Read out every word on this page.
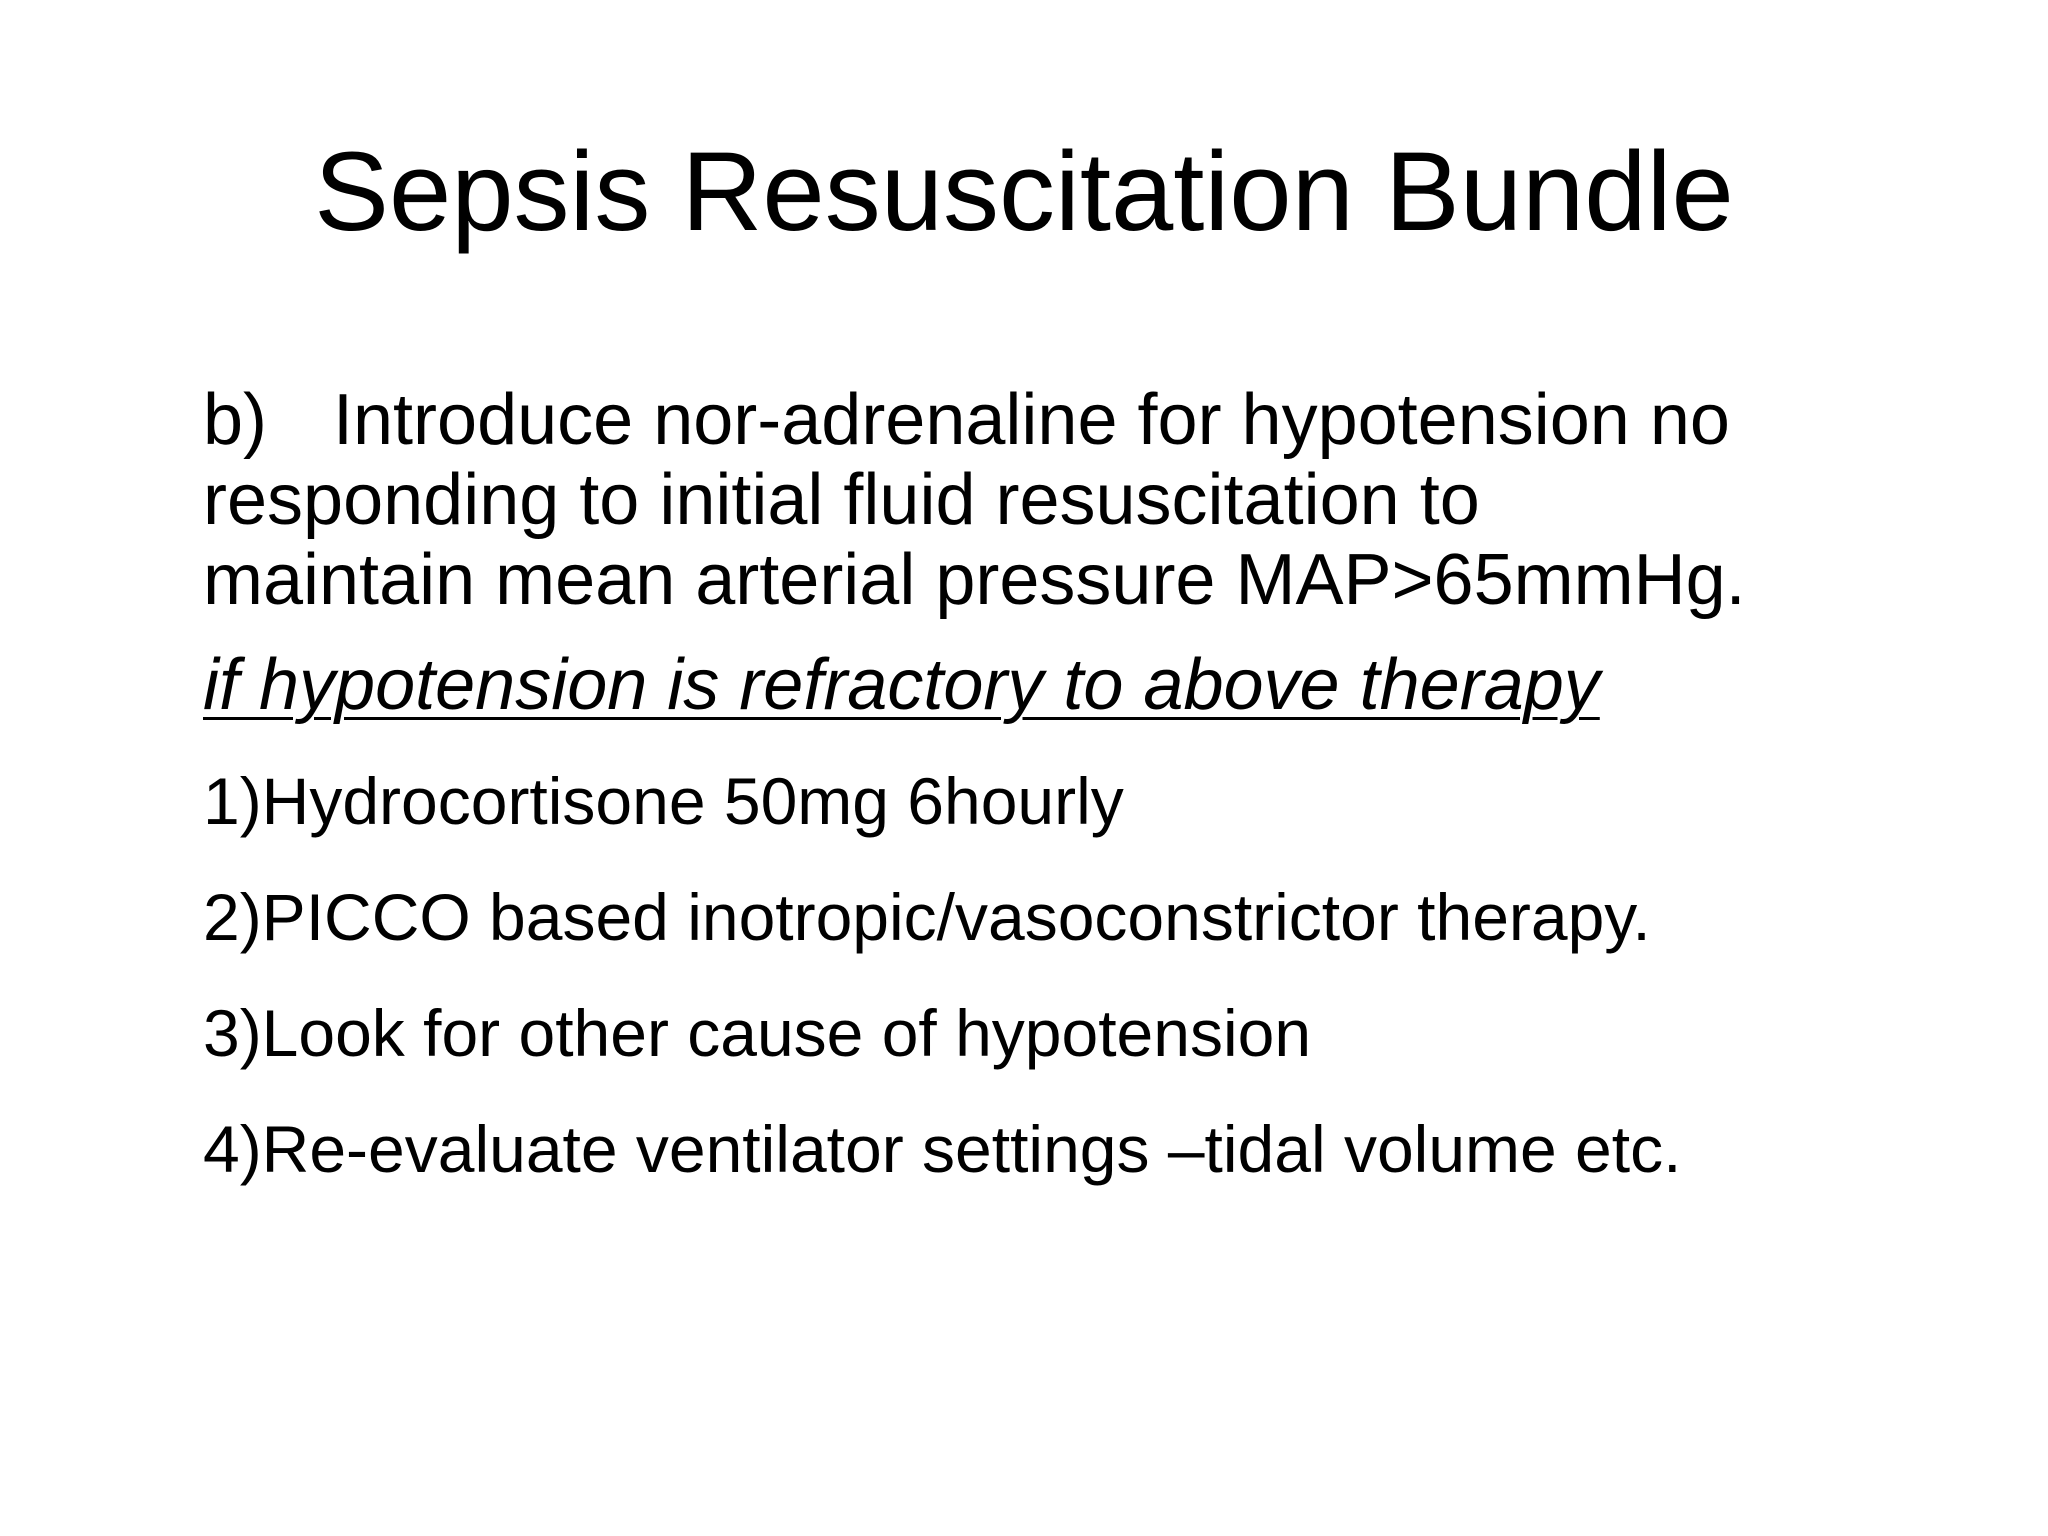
Sepsis Resuscitation Bundle

b) Introduce nor-adrenaline for hypotension no
responding to initial fluid resuscitation to
maintain mean arterial pressure MAP>65mmHg.

if hypotension is refractory to above therapy

1)Hydrocortisone 50mg 6hourly

2)PICCO based inotropic/vasoconstrictor therapy.

3)Look for other cause of hypotension

4)Re-evaluate ventilator settings –tidal volume etc.
